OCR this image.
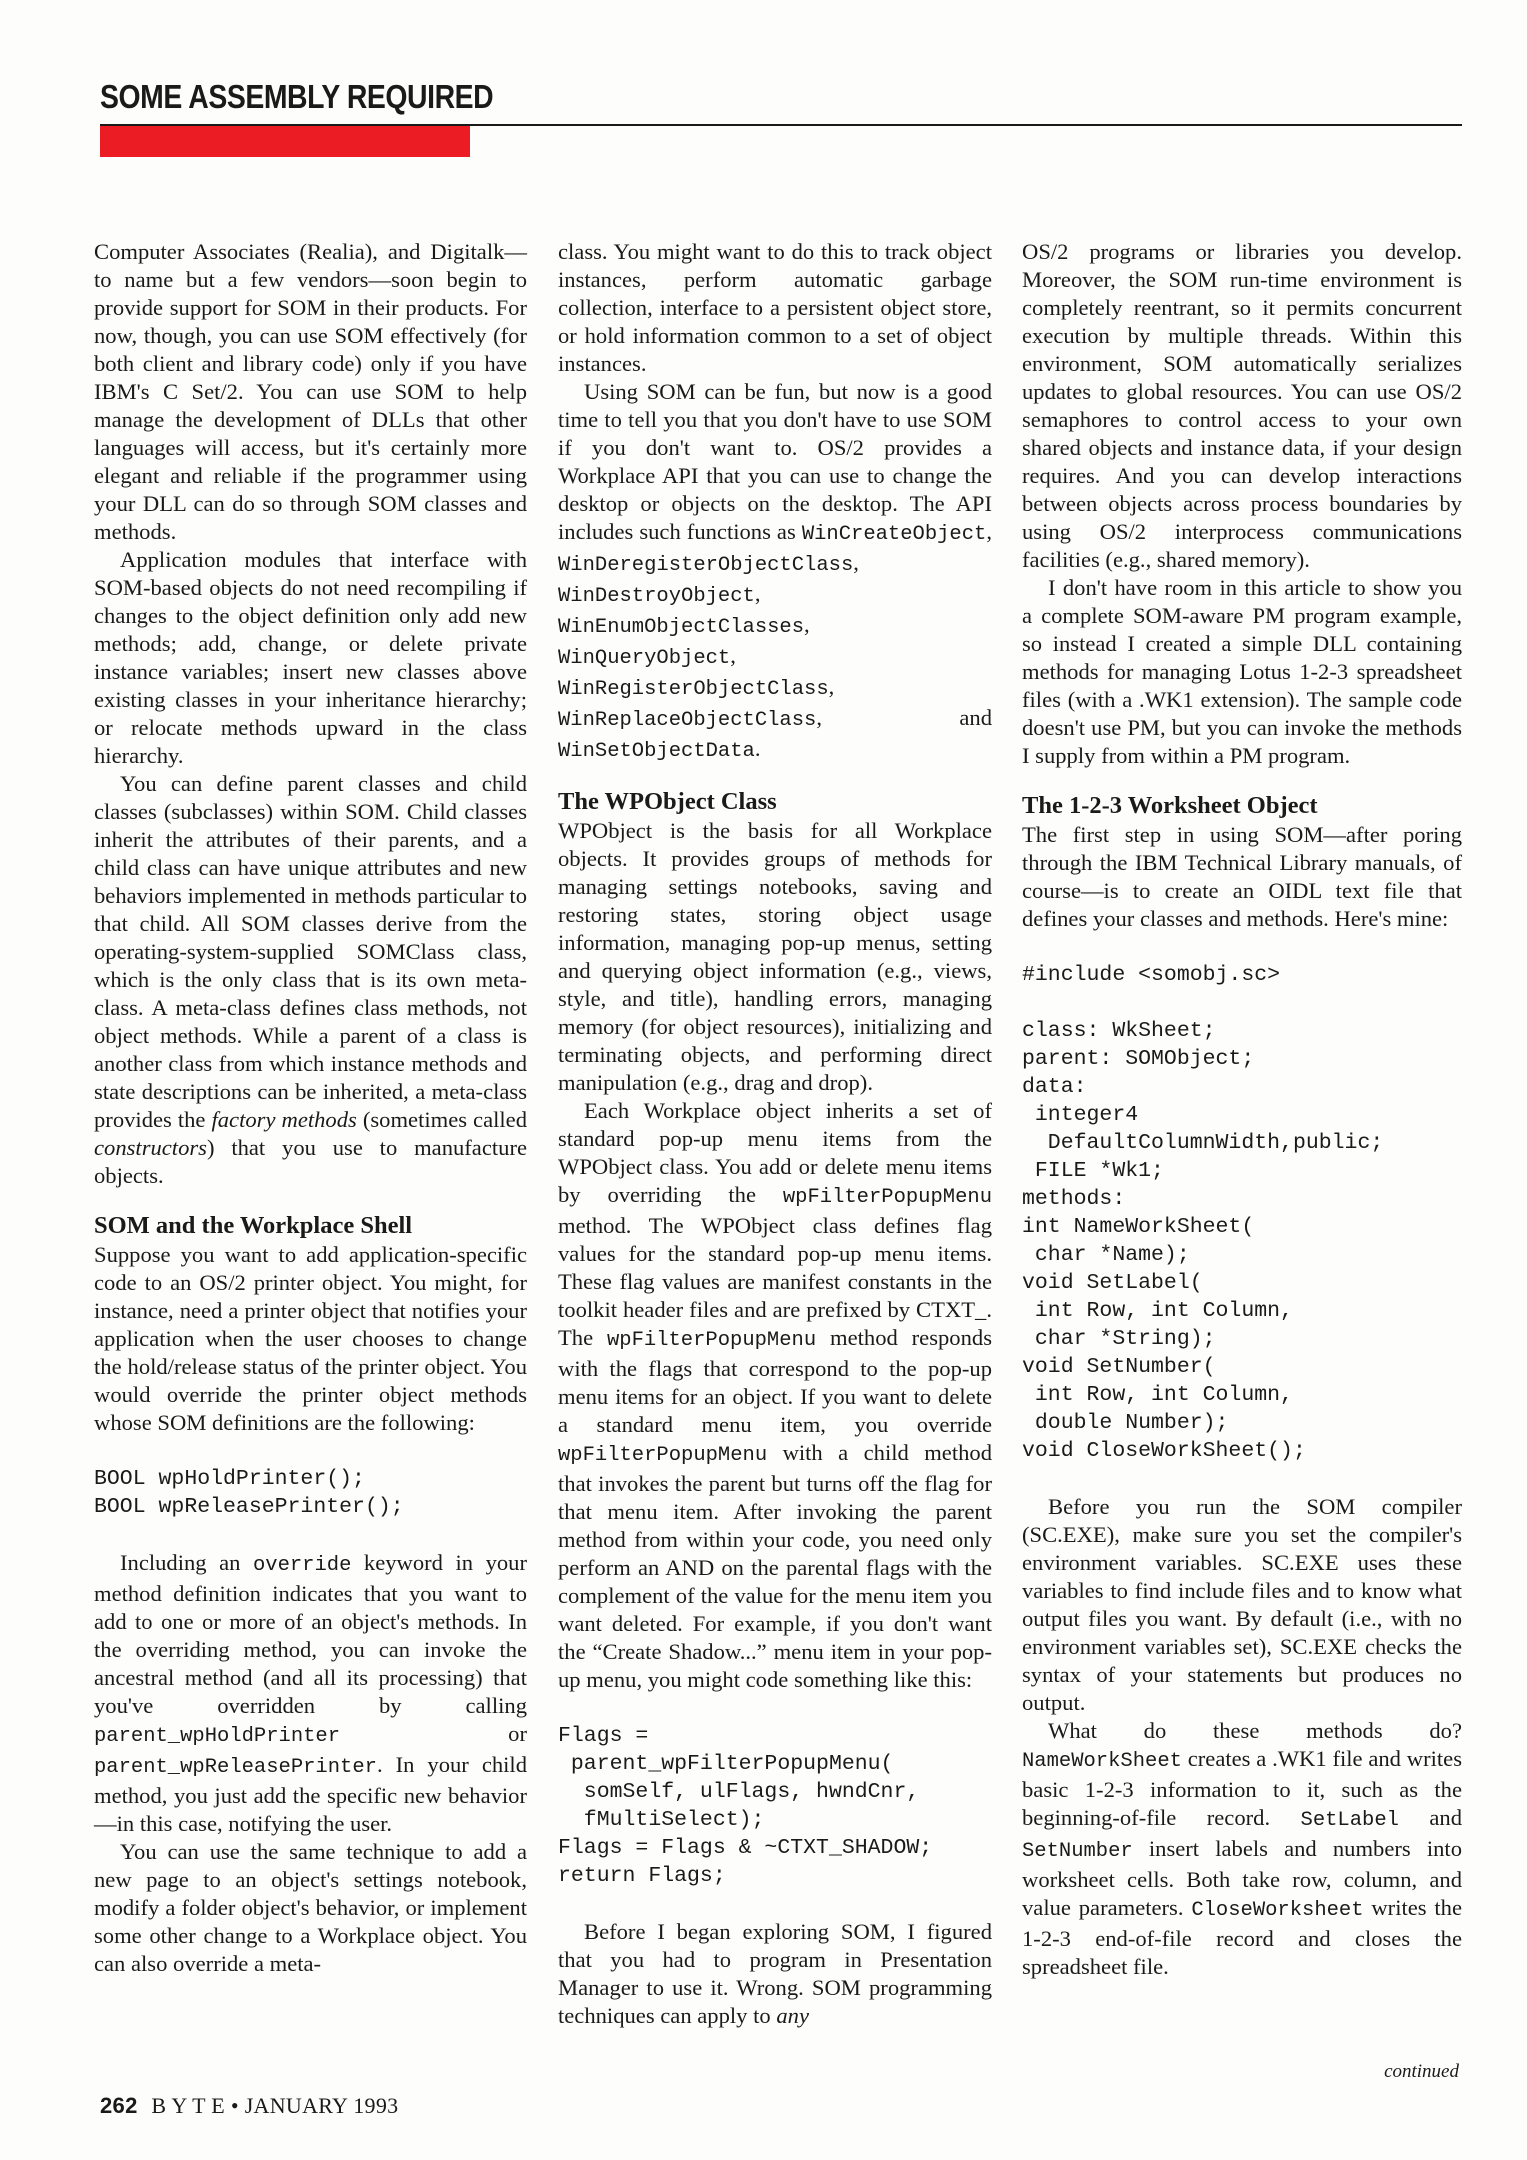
SOME ASSEMBLY REQUIRED

Computer Associates (Realia), and Digitalk—to name but a few vendors—soon begin to provide support for SOM in their products. For now, though, you can use SOM effectively (for both client and library code) only if you have IBM's C Set/2. You can use SOM to help manage the development of DLLs that other languages will access, but it's certainly more elegant and reliable if the programmer using your DLL can do so through SOM classes and methods.

Application modules that interface with SOM-based objects do not need recompiling if changes to the object definition only add new methods; add, change, or delete private instance variables; insert new classes above existing classes in your inheritance hierarchy; or relocate methods upward in the class hierarchy.

You can define parent classes and child classes (subclasses) within SOM. Child classes inherit the attributes of their parents, and a child class can have unique attributes and new behaviors implemented in methods particular to that child. All SOM classes derive from the operating-system-supplied SOMClass class, which is the only class that is its own meta-class. A meta-class defines class methods, not object methods. While a parent of a class is another class from which instance methods and state descriptions can be inherited, a meta-class provides the factory methods (sometimes called constructors) that you use to manufacture objects.

SOM and the Workplace Shell

Suppose you want to add application-specific code to an OS/2 printer object. You might, for instance, need a printer object that notifies your application when the user chooses to change the hold/release status of the printer object. You would override the printer object methods whose SOM definitions are the following:

BOOL wpHoldPrinter();
BOOL wpReleasePrinter();

Including an override keyword in your method definition indicates that you want to add to one or more of an object's methods. In the overriding method, you can invoke the ancestral method (and all its processing) that you've overridden by calling parent_wpHoldPrinter or parent_wpReleasePrinter. In your child method, you just add the specific new behavior—in this case, notifying the user.

You can use the same technique to add a new page to an object's settings notebook, modify a folder object's behavior, or implement some other change to a Workplace object. You can also override a meta-

class. You might want to do this to track object instances, perform automatic garbage collection, interface to a persistent object store, or hold information common to a set of object instances.

Using SOM can be fun, but now is a good time to tell you that you don't have to use SOM if you don't want to. OS/2 provides a Workplace API that you can use to change the desktop or objects on the desktop. The API includes such functions as WinCreateObject, WinDeregisterObjectClass, WinDestroyObject, WinEnumObjectClasses, WinQueryObject, WinRegisterObjectClass, WinReplaceObjectClass, and WinSetObjectData.

The WPObject Class

WPObject is the basis for all Workplace objects. It provides groups of methods for managing settings notebooks, saving and restoring states, storing object usage information, managing pop-up menus, setting and querying object information (e.g., views, style, and title), handling errors, managing memory (for object resources), initializing and terminating objects, and performing direct manipulation (e.g., drag and drop).

Each Workplace object inherits a set of standard pop-up menu items from the WPObject class. You add or delete menu items by overriding the wpFilterPopupMenu method. The WPObject class defines flag values for the standard pop-up menu items. These flag values are manifest constants in the toolkit header files and are prefixed by CTXT_. The wpFilterPopupMenu method responds with the flags that correspond to the pop-up menu items for an object. If you want to delete a standard menu item, you override wpFilterPopupMenu with a child method that invokes the parent but turns off the flag for that menu item. After invoking the parent method from within your code, you need only perform an AND on the parental flags with the complement of the value for the menu item you want deleted. For example, if you don't want the “Create Shadow...” menu item in your pop-up menu, you might code something like this:

Flags =
parent_wpFilterPopupMenu(
somSelf, ulFlags, hwndCnr,
fMultiSelect);
Flags = Flags & ~CTXT_SHADOW;
return Flags;

Before I began exploring SOM, I figured that you had to program in Presentation Manager to use it. Wrong. SOM programming techniques can apply to any

OS/2 programs or libraries you develop. Moreover, the SOM run-time environment is completely reentrant, so it permits concurrent execution by multiple threads. Within this environment, SOM automatically serializes updates to global resources. You can use OS/2 semaphores to control access to your own shared objects and instance data, if your design requires. And you can develop interactions between objects across process boundaries by using OS/2 interprocess communications facilities (e.g., shared memory).

I don't have room in this article to show you a complete SOM-aware PM program example, so instead I created a simple DLL containing methods for managing Lotus 1-2-3 spreadsheet files (with a .WK1 extension). The sample code doesn't use PM, but you can invoke the methods I supply from within a PM program.

The 1-2-3 Worksheet Object

The first step in using SOM—after poring through the IBM Technical Library manuals, of course—is to create an OIDL text file that defines your classes and methods. Here's mine:

#include <somobj.sc>
class: WkSheet;
parent: SOMObject;
data:
integer4
DefaultColumnWidth,public;
FILE *Wk1;
methods:
int NameWorkSheet(
char *Name);
void SetLabel(
int Row, int Column,
char *String);
void SetNumber(
int Row, int Column,
double Number);
void CloseWorkSheet();

Before you run the SOM compiler (SC.EXE), make sure you set the compiler's environment variables. SC.EXE uses these variables to find include files and to know what output files you want. By default (i.e., with no environment variables set), SC.EXE checks the syntax of your statements but produces no output.

What do these methods do? NameWorkSheet creates a .WK1 file and writes basic 1-2-3 information to it, such as the beginning-of-file record. SetLabel and SetNumber insert labels and numbers into worksheet cells. Both take row, column, and value parameters. CloseWorksheet writes the 1-2-3 end-of-file record and closes the spreadsheet file.

continued
262 B Y T E • JANUARY 1993
